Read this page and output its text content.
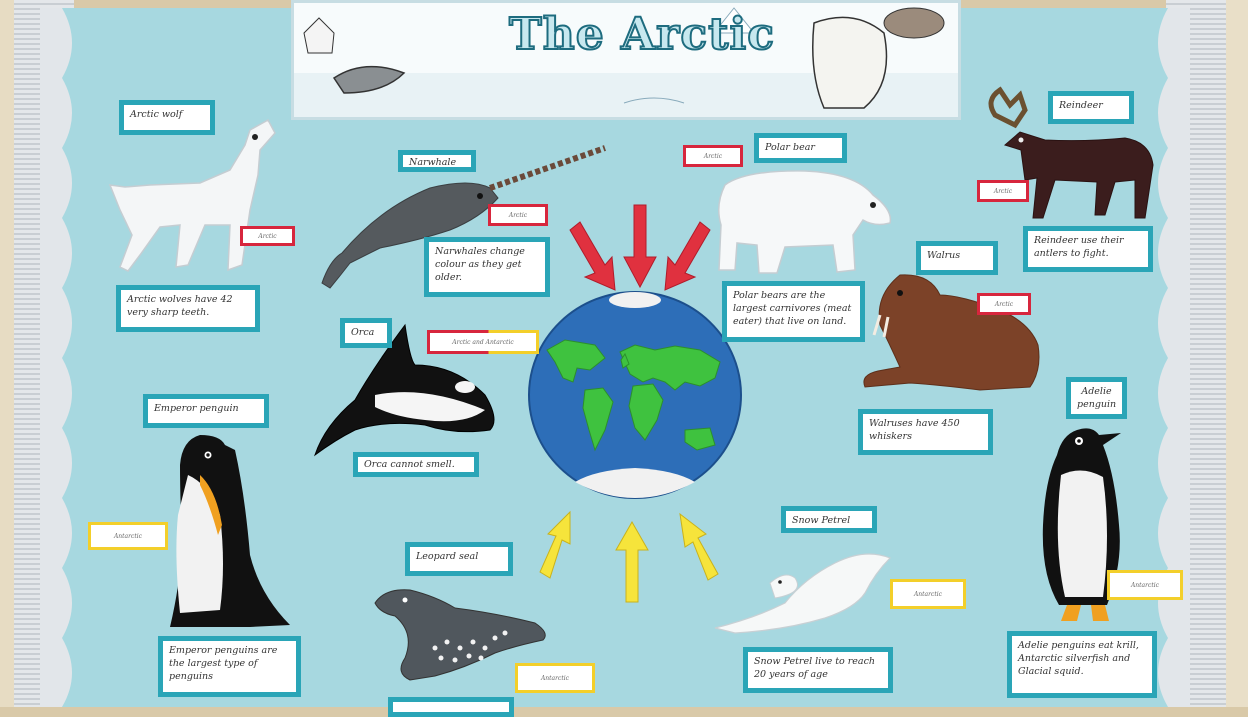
The Arctic
Arctic wolf
Arctic
Arctic wolves have 42 very sharp teeth.
Narwhale
Arctic
Narwhales change colour as they get older.
Arctic
Polar bear
Polar bears are the largest carnivores (meat eater) that live on land.
Reindeer
Arctic
Reindeer use their antlers to fight.
Walrus
Arctic
Walruses have 450 whiskers
Orca
Arctic and Antarctic
Orca cannot smell.
Emperor penguin
Antarctic
Emperor penguins are the largest type of penguins
Leopard seal
Antarctic
Snow Petrel
Antarctic
Snow Petrel live to reach 20 years of age
Adelie penguin
Antarctic
Adelie penguins eat krill, Antarctic silverfish and Glacial squid.
